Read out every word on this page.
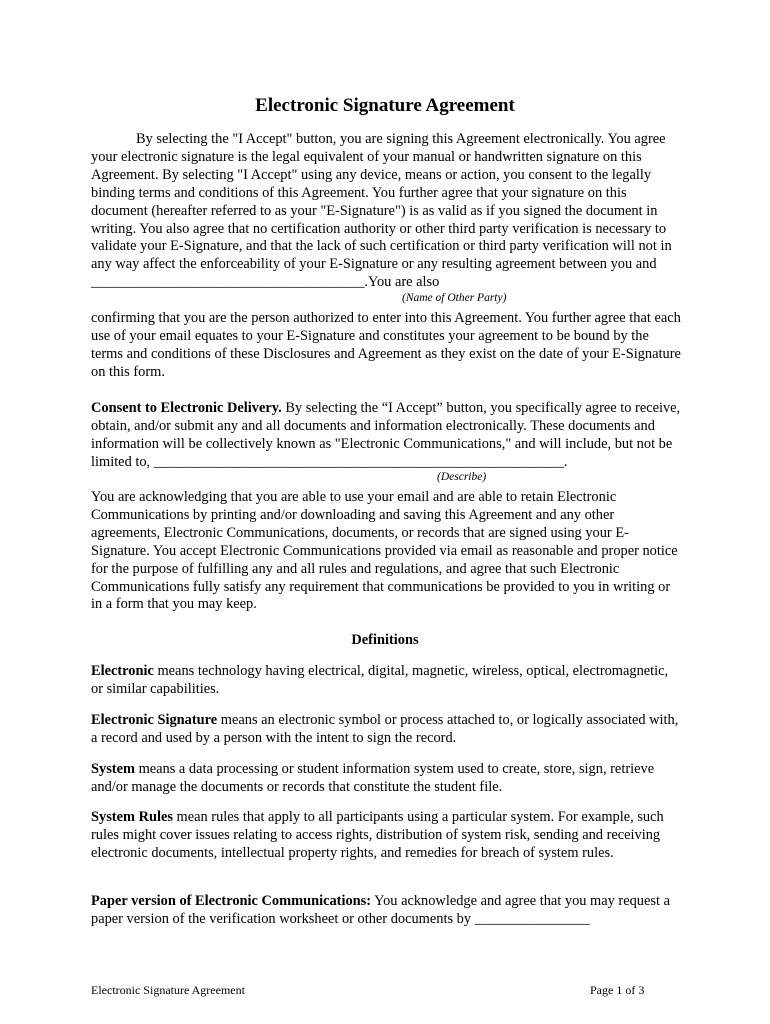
Electronic Signature Agreement
By selecting the "I Accept" button, you are signing this Agreement electronically. You agree your electronic signature is the legal equivalent of your manual or handwritten signature on this Agreement. By selecting "I Accept" using any device, means or action, you consent to the legally binding terms and conditions of this Agreement. You further agree that your signature on this document (hereafter referred to as your "E-Signature") is as valid as if you signed the document in writing. You also agree that no certification authority or other third party verification is necessary to validate your E-Signature, and that the lack of such certification or third party verification will not in any way affect the enforceability of your E-Signature or any resulting agreement between you and ______________________________________.You are also
(Name of Other Party)
confirming that you are the person authorized to enter into this Agreement. You further agree that each use of your email equates to your E-Signature and constitutes your agreement to be bound by the terms and conditions of these Disclosures and Agreement as they exist on the date of your E-Signature on this form.
Consent to Electronic Delivery. By selecting the “I Accept” button, you specifically agree to receive, obtain, and/or submit any and all documents and information electronically. These documents and information will be collectively known as "Electronic Communications," and will include, but not be limited to, _________________________________________________________.
(Describe)
You are acknowledging that you are able to use your email and are able to retain Electronic Communications by printing and/or downloading and saving this Agreement and any other agreements, Electronic Communications, documents, or records that are signed using your E-Signature. You accept Electronic Communications provided via email as reasonable and proper notice for the purpose of fulfilling any and all rules and regulations, and agree that such Electronic Communications fully satisfy any requirement that communications be provided to you in writing or in a form that you may keep.
Definitions
Electronic means technology having electrical, digital, magnetic, wireless, optical, electromagnetic, or similar capabilities.
Electronic Signature means an electronic symbol or process attached to, or logically associated with, a record and used by a person with the intent to sign the record.
System means a data processing or student information system used to create, store, sign, retrieve and/or manage the documents or records that constitute the student file.
System Rules mean rules that apply to all participants using a particular system. For example, such rules might cover issues relating to access rights, distribution of system risk, sending and receiving electronic documents, intellectual property rights, and remedies for breach of system rules.
Paper version of Electronic Communications: You acknowledge and agree that you may request a paper version of the verification worksheet or other documents by ________________
Electronic Signature Agreement	Page 1 of 3
